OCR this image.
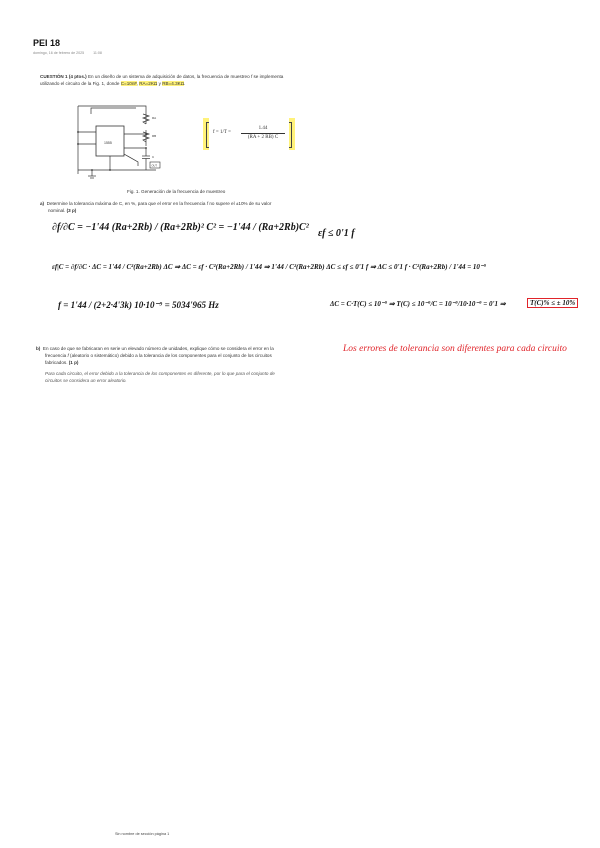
PEI 18
domingo, 16 de febrero de 2025	11:08
CUESTIÓN 1 (4 ptos.) En un diseño de un sistema de adquisición de datos, la frecuencia de muestreo f se implementa
utilizando el circuito de la Fig. 1, donde C=10nF, RA=2KΩ y RB=4.3KΩ.
1555
RA
RB
C
OUT
f = 1/T =
1.44
(RA + 2 RB) C
Fig. 1. Generación de la frecuencia de muestreo
a) Determine la tolerancia máxima de C, en %, para que el error en la frecuencia f no supere el ±10% de su valor
nominal. (3 p)
∂f/∂C = −1'44 (Ra+2Rb) / (Ra+2Rb)² C² = −1'44 / (Ra+2Rb)C²
εf ≤ 0'1 f
εf|C = ∂f/∂C · ΔC = 1'44 / C²(Ra+2Rb) ΔC ⇒ ΔC = εf · C²(Ra+2Rb) / 1'44 ⇒ 1'44 / C²(Ra+2Rb) ΔC ≤ εf ≤ 0'1 f ⇒ ΔC ≤ 0'1 f · C²(Ra+2Rb) / 1'44 = 10⁻⁹
f = 1'44 / (2+2·4'3k) 10·10⁻⁹ = 5034'965 Hz	ΔC = C·T(C) ≤ 10⁻⁹ ⇒ T(C) ≤ 10⁻⁹/C = 10⁻⁹/10·10⁻⁹ = 0'1 ⇒	T(C)% ≤ ± 10%
b) En caso de que se fabricaran en serie un elevado número de unidades, explique cómo se considera el error en la
frecuencia f (aleatorio o sistemático) debido a la tolerancia de los componentes para el conjunto de los circuitos
fabricados. (1 p)
Para cada circuito, el error debido a la tolerancia de los componentes es diferente, por lo que para el conjunto de
circuitos se considera un error aleatorio.
Los errores de tolerancia son diferentes para cada circuito
Sin nombre de sección página 1
